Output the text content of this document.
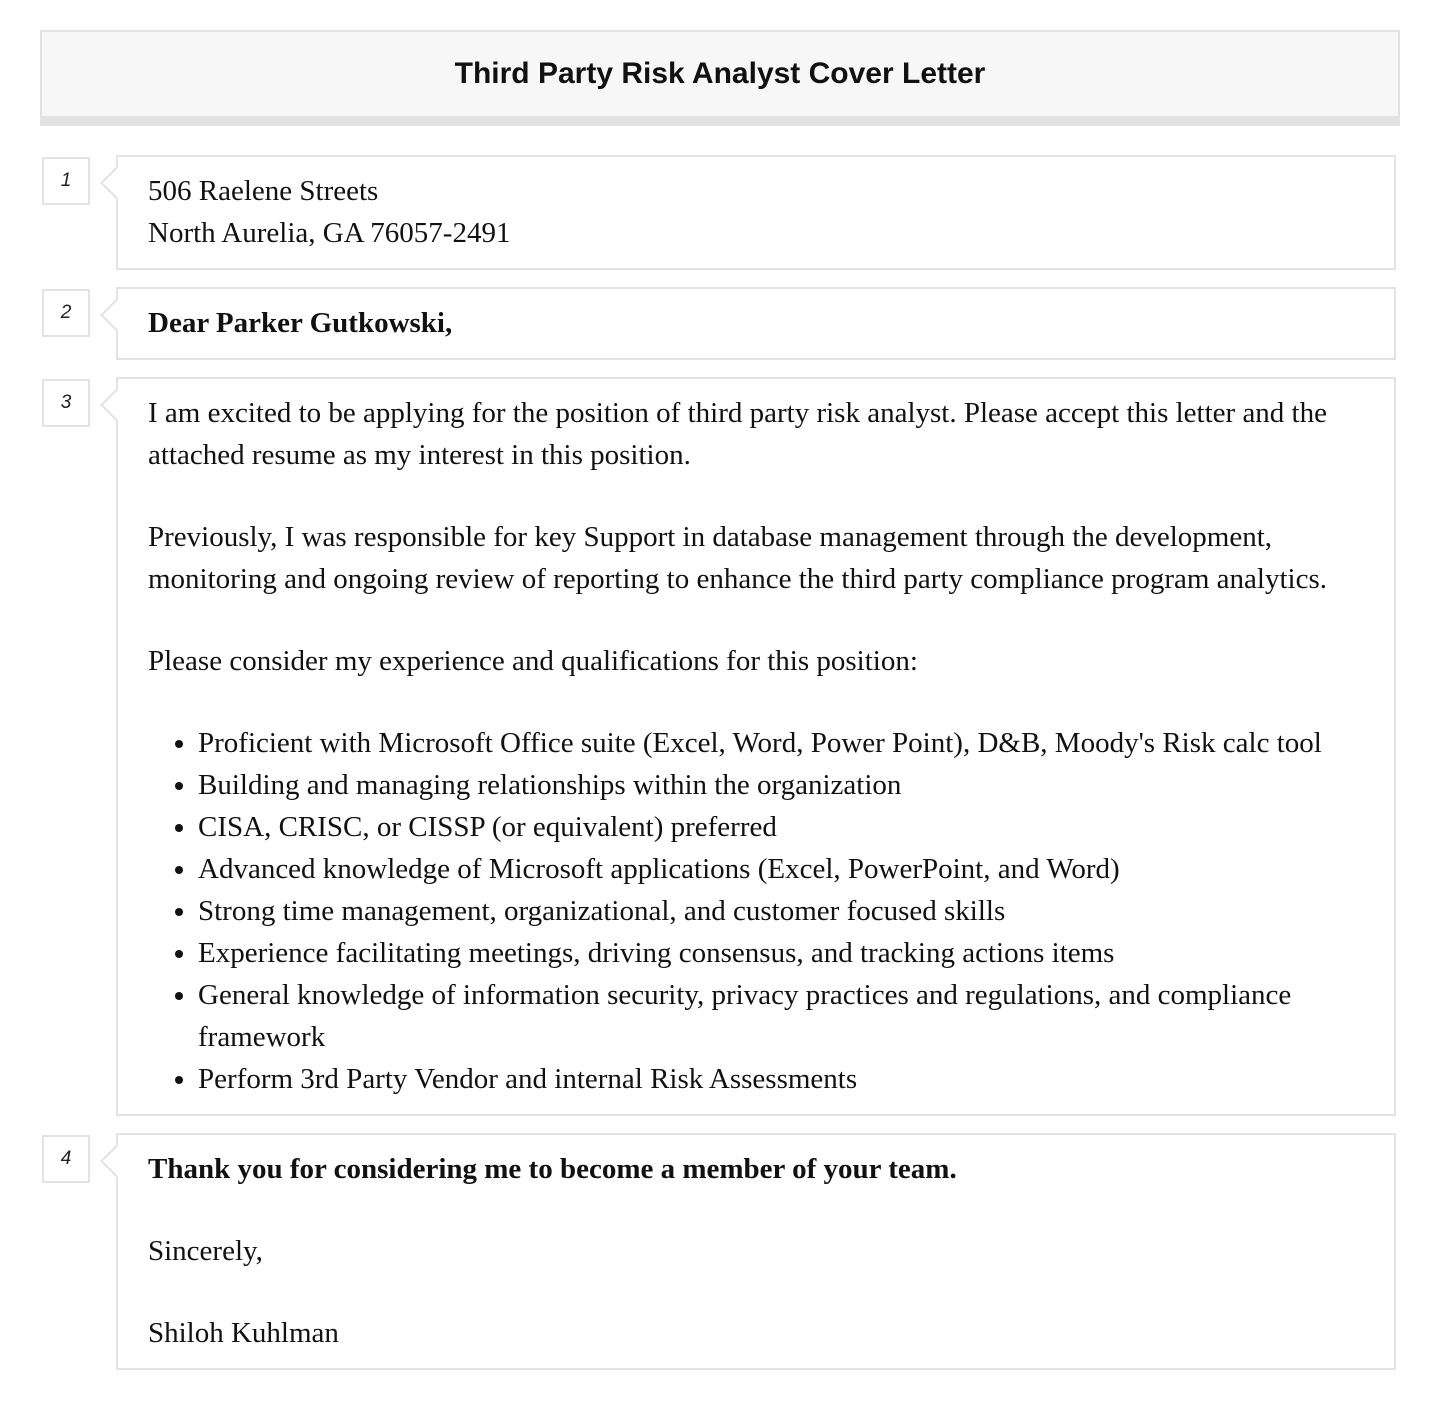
Third Party Risk Analyst Cover Letter
1	506 Raelene Streets
North Aurelia, GA 76057-2491
2	Dear Parker Gutkowski,

3	I am excited to be applying for the position of third party risk analyst. Please accept this letter and the attached resume as my interest in this position.

Previously, I was responsible for key Support in database management through the development, monitoring and ongoing review of reporting to enhance the third party compliance program analytics.

Please consider my experience and qualifications for this position:

• Proficient with Microsoft Office suite (Excel, Word, Power Point), D&B, Moody's Risk calc tool
• Building and managing relationships within the organization
• CISA, CRISC, or CISSP (or equivalent) preferred
• Advanced knowledge of Microsoft applications (Excel, PowerPoint, and Word)
• Strong time management, organizational, and customer focused skills
• Experience facilitating meetings, driving consensus, and tracking actions items
• General knowledge of information security, privacy practices and regulations, and compliance framework
• Perform 3rd Party Vendor and internal Risk Assessments
4	Thank you for considering me to become a member of your team.

Sincerely,

Shiloh Kuhlman
